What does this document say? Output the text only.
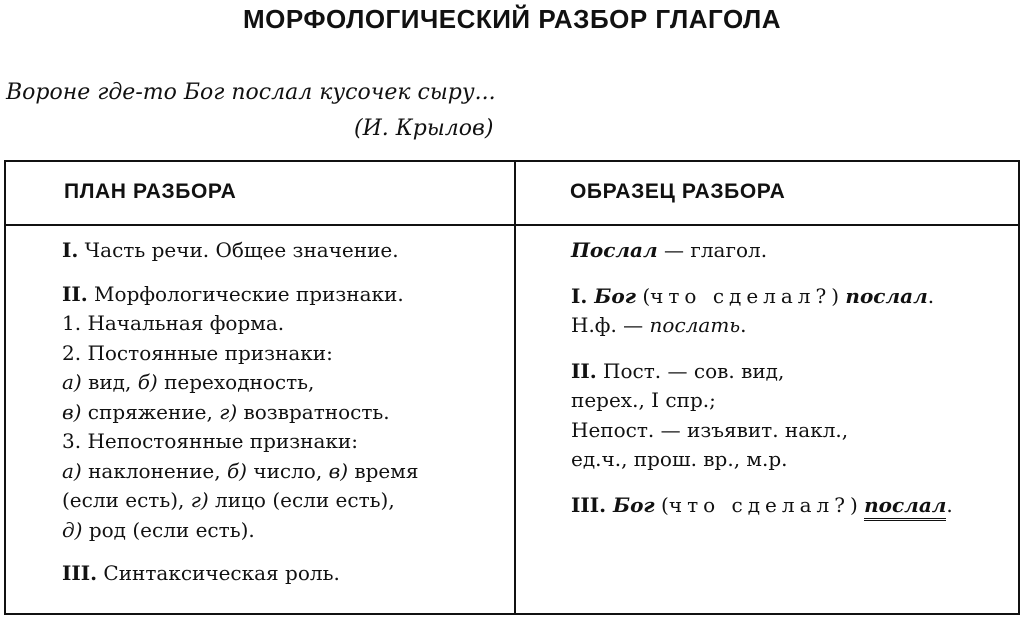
МОРФОЛОГИЧЕСКИЙ РАЗБОР ГЛАГОЛА
Вороне где-то Бог послал кусочек сыру...
(И. Крылов)
ПЛАН РАЗБОРА	ОБРАЗЕЦ РАЗБОРА
I. Часть речи. Общее значение.
II. Морфологические признаки.
1. Начальная форма.
2. Постоянные признаки:
а) вид, б) переходность,
в) спряжение, г) возвратность.
3. Непостоянные признаки:
а) наклонение, б) число, в) время
(если есть), г) лицо (если есть),
д) род (если есть).
III. Синтаксическая роль.
Послал — глагол.
I. Бог (что сделал?) послал.
Н.ф. — послать.
II. Пост. — сов. вид,
перех., I спр.;
Непост. — изъявит. накл.,
ед.ч., прош. вр., м.р.
III. Бог (что сделал?) послал.
